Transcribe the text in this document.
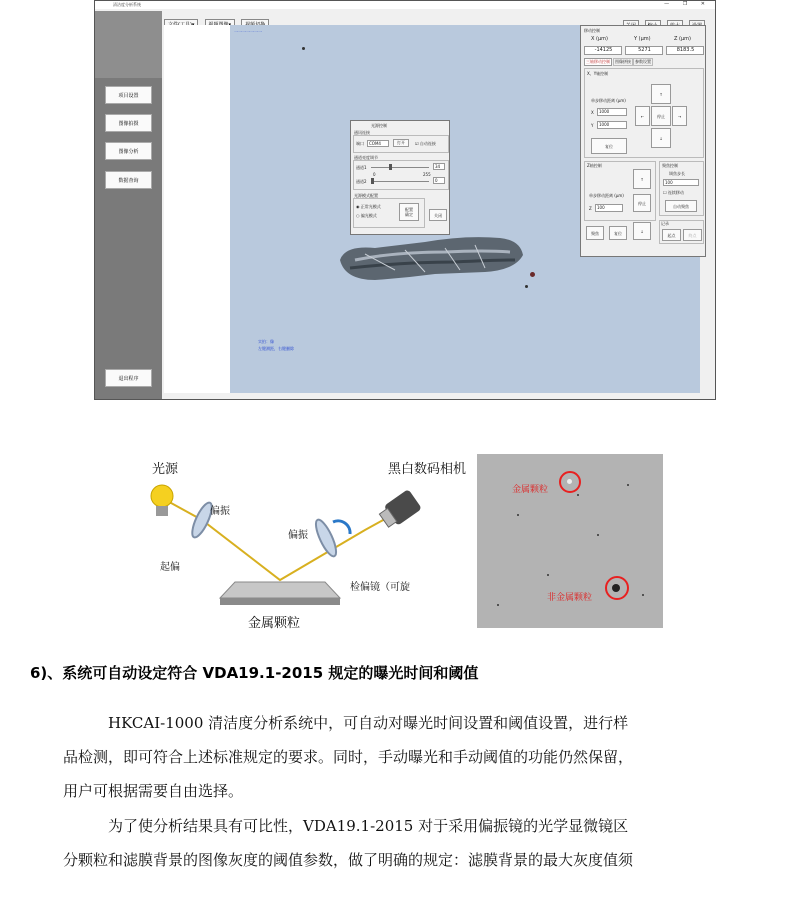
清洁度分析系统	— ❐ ✕
项目设置
图像拍摄
图像分析
数据查询
退出程序

一一一一一一一
实拍：像
左键测距，右键删除
光源控制
通讯连接
端口	COM4	打开	☑ 自动连接
通道亮度调节
通道1	34
0	255
通道2	0
光源模式配置
◉ 正常光模式
○ 偏光模式
配置
确定	关闭
移动控制
X (μm)	Y (μm)	Z (μm)
-14125	5271	8183.5
三轴移动控制	图像拼接	参数设置
X、Y轴控制
单步移动距离 (μm)
X	1000
Y	1000
复位
↑
←	停止	→
↓
Z轴控制
单步移动距离 (μm)
Z	100
↑
停止
聚焦	复位	↓
聚焦控制
调焦步长
100
☐ 连续移动
自动聚焦
记录
起点	终点
光源
偏振
起偏
偏振
检偏镜（可旋
黑白数码相机
金属颗粒
金属颗粒
非金属颗粒
6)、系统可自动设定符合 VDA19.1-2015 规定的曝光时间和阈值
HKCAI-1000 清洁度分析系统中，可自动对曝光时间设置和阈值设置，进行样
品检测，即可符合上述标准规定的要求。同时，手动曝光和手动阈值的功能仍然保留，
用户可根据需要自由选择。
为了使分析结果具有可比性，VDA19.1-2015 对于采用偏振镜的光学显微镜区
分颗粒和滤膜背景的图像灰度的阈值参数，做了明确的规定：滤膜背景的最大灰度值须
